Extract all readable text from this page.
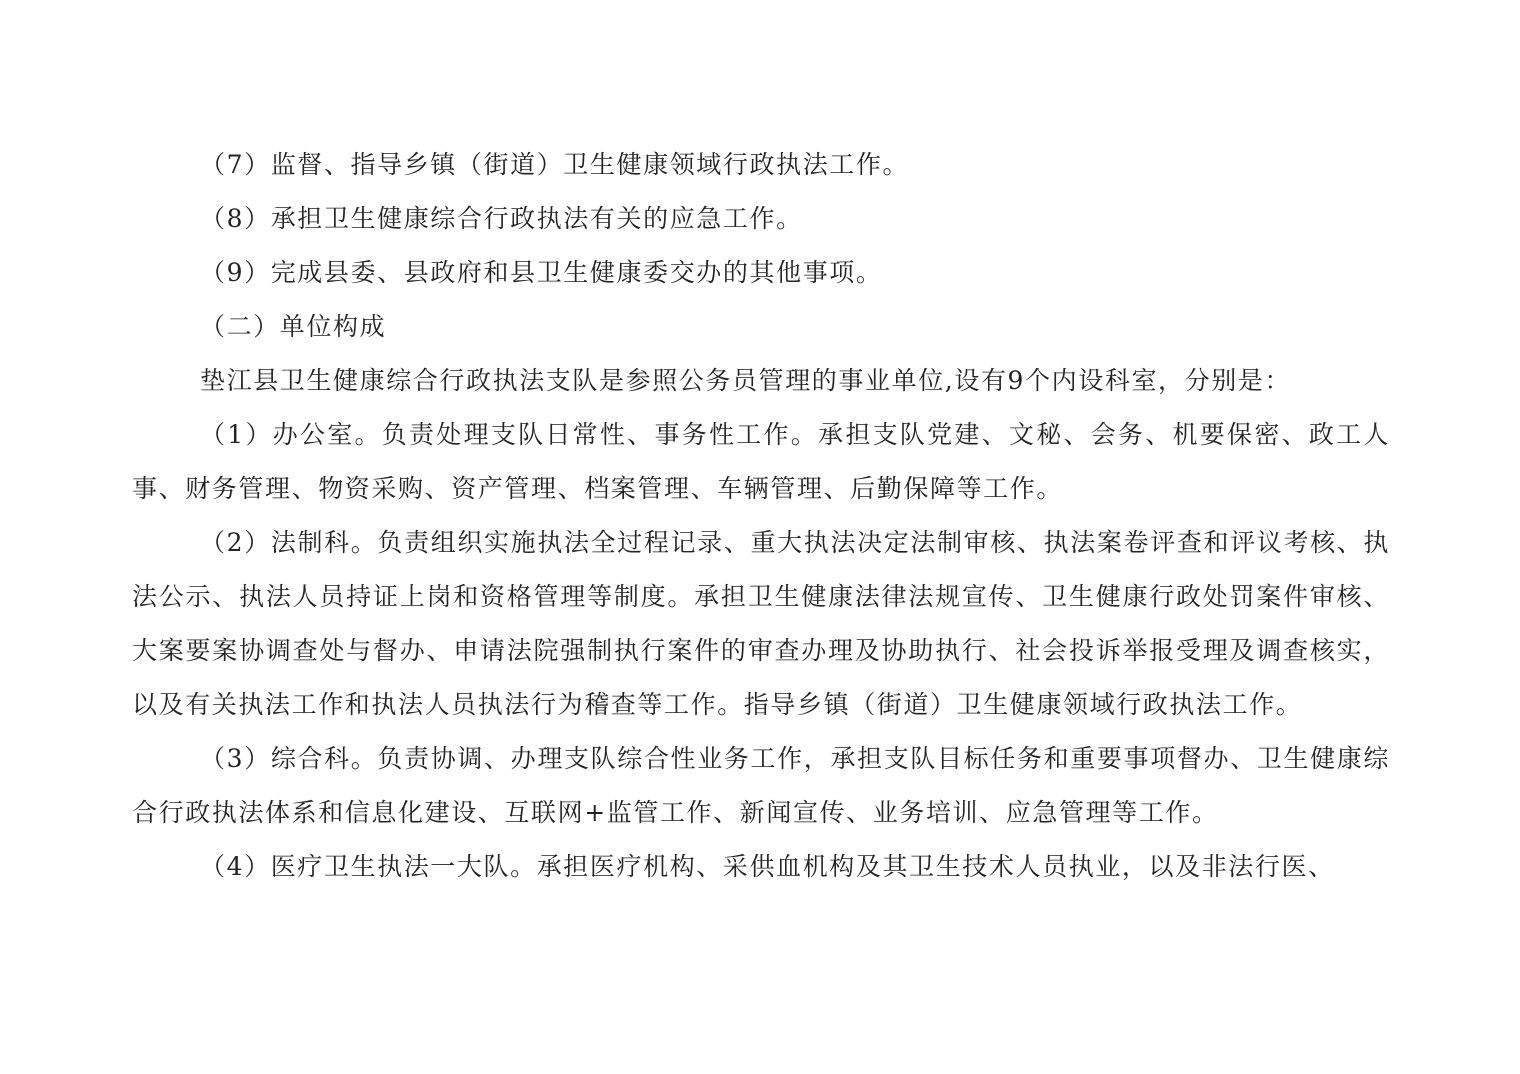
（7）监督、指导乡镇（街道）卫生健康领域行政执法工作。

（8）承担卫生健康综合行政执法有关的应急工作。

（9）完成县委、县政府和县卫生健康委交办的其他事项。

（二）单位构成

垫江县卫生健康综合行政执法支队是参照公务员管理的事业单位,设有9个内设科室，分别是：

（1）办公室。负责处理支队日常性、事务性工作。承担支队党建、文秘、会务、机要保密、政工人事、财务管理、物资采购、资产管理、档案管理、车辆管理、后勤保障等工作。

（2）法制科。负责组织实施执法全过程记录、重大执法决定法制审核、执法案卷评查和评议考核、执法公示、执法人员持证上岗和资格管理等制度。承担卫生健康法律法规宣传、卫生健康行政处罚案件审核、大案要案协调查处与督办、申请法院强制执行案件的审查办理及协助执行、社会投诉举报受理及调查核实，以及有关执法工作和执法人员执法行为稽查等工作。指导乡镇（街道）卫生健康领域行政执法工作。

（3）综合科。负责协调、办理支队综合性业务工作，承担支队目标任务和重要事项督办、卫生健康综合行政执法体系和信息化建设、互联网+监管工作、新闻宣传、业务培训、应急管理等工作。

（4）医疗卫生执法一大队。承担医疗机构、采供血机构及其卫生技术人员执业，以及非法行医、
